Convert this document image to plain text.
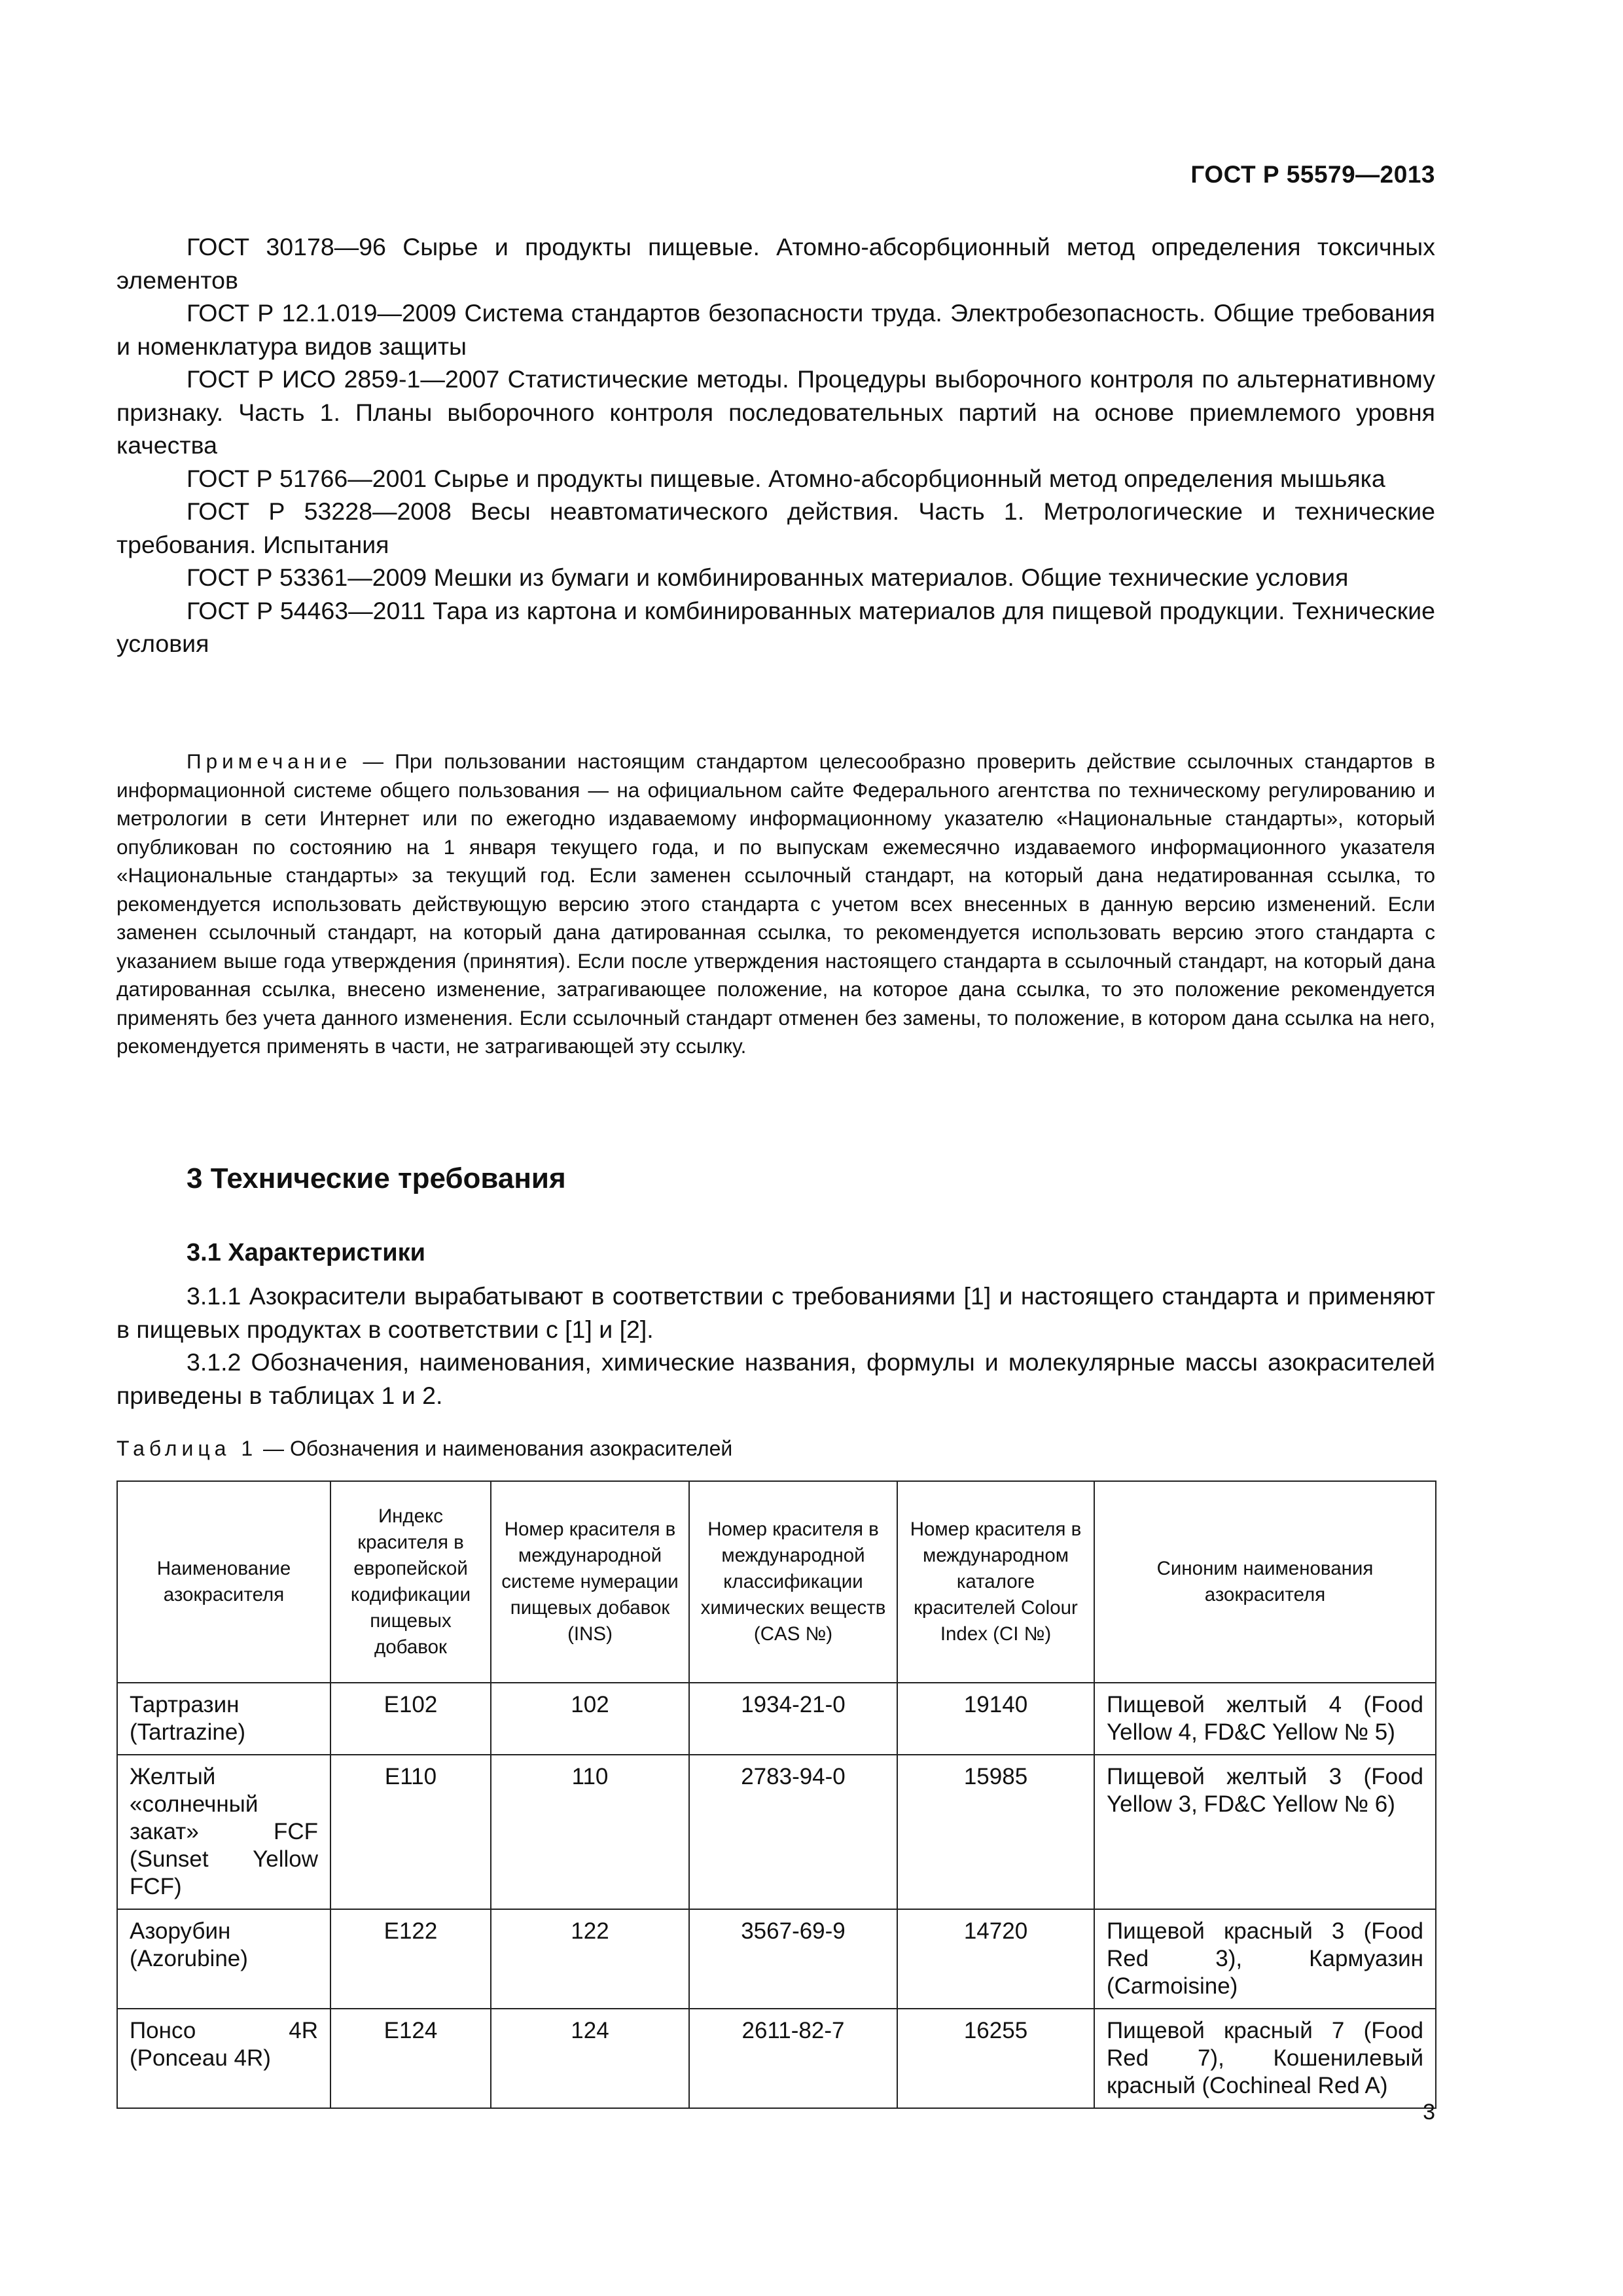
ГОСТ Р 55579—2013

ГОСТ 30178—96 Сырье и продукты пищевые. Атомно-абсорбционный метод определения токсичных элементов

ГОСТ Р 12.1.019—2009 Система стандартов безопасности труда. Электробезопасность. Общие требования и номенклатура видов защиты

ГОСТ Р ИСО 2859-1—2007 Статистические методы. Процедуры выборочного контроля по альтернативному признаку. Часть 1. Планы выборочного контроля последовательных партий на основе приемлемого уровня качества

ГОСТ Р 51766—2001 Сырье и продукты пищевые. Атомно-абсорбционный метод определения мышьяка

ГОСТ Р 53228—2008 Весы неавтоматического действия. Часть 1. Метрологические и технические требования. Испытания

ГОСТ Р 53361—2009 Мешки из бумаги и комбинированных материалов. Общие технические условия

ГОСТ Р 54463—2011 Тара из картона и комбинированных материалов для пищевой продукции. Технические условия

Примечание — При пользовании настоящим стандартом целесообразно проверить действие ссылочных стандартов в информационной системе общего пользования — на официальном сайте Федерального агентства по техническому регулированию и метрологии в сети Интернет или по ежегодно издаваемому информационному указателю «Национальные стандарты», который опубликован по состоянию на 1 января текущего года, и по выпускам ежемесячно издаваемого информационного указателя «Национальные стандарты» за текущий год. Если заменен ссылочный стандарт, на который дана недатированная ссылка, то рекомендуется использовать действующую версию этого стандарта с учетом всех внесенных в данную версию изменений. Если заменен ссылочный стандарт, на который дана датированная ссылка, то рекомендуется использовать версию этого стандарта с указанием выше года утверждения (принятия). Если после утверждения настоящего стандарта в ссылочный стандарт, на который дана датированная ссылка, внесено изменение, затрагивающее положение, на которое дана ссылка, то это положение рекомендуется применять без учета данного изменения. Если ссылочный стандарт отменен без замены, то положение, в котором дана ссылка на него, рекомендуется применять в части, не затрагивающей эту ссылку.

3 Технические требования
3.1 Характеристики

3.1.1 Азокрасители вырабатывают в соответствии с требованиями [1] и настоящего стандарта и применяют в пищевых продуктах в соответствии с [1] и [2].

3.1.2 Обозначения, наименования, химические названия, формулы и молекулярные массы азокрасителей приведены в таблицах 1 и 2.

Таблица 1 — Обозначения и наименования азокрасителей

Наименование азокрасителя	Индекс красителя в европейской кодификации пищевых добавок	Номер красителя в международной системе нумерации пищевых добавок (INS)	Номер красителя в международной классификации химических веществ (CAS №)	Номер красителя в международном каталоге красителей Colour Index (CI №)	Синоним наименования азокрасителя
Тартразин (Tartrazine)	E102	102	1934-21-0	19140	Пищевой желтый 4 (Food Yellow 4, FD&C Yellow № 5)
Желтый «солнечный закат» FCF (Sunset Yellow FCF)	E110	110	2783-94-0	15985	Пищевой желтый 3 (Food Yellow 3, FD&C Yellow № 6)
Азорубин (Azorubine)	E122	122	3567-69-9	14720	Пищевой красный 3 (Food Red 3), Кармуазин (Carmoisine)
Понсо 4R (Ponceau 4R)	E124	124	2611-82-7	16255	Пищевой красный 7 (Food Red 7), Кошенилевый красный (Cochineal Red A)
3
